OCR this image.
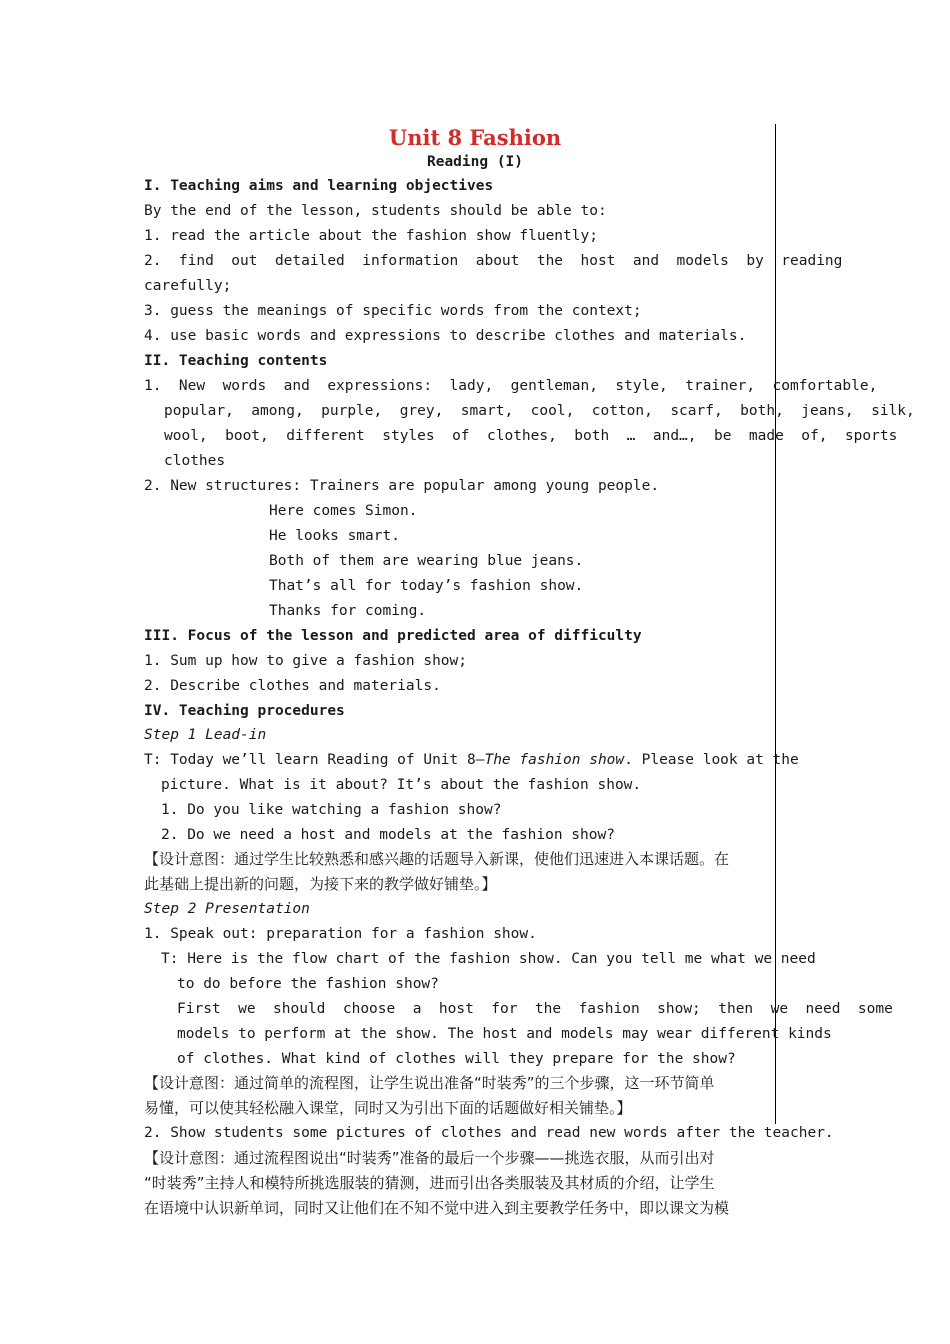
Unit 8 Fashion
Reading (I)
I. Teaching aims and learning objectives
By the end of the lesson, students should be able to:
1. read the article about the fashion show fluently;
2.  find  out  detailed  information  about  the  host  and  models  by  reading
carefully;
3. guess the meanings of specific words from the context;
4. use basic words and expressions to describe clothes and materials.
II. Teaching contents
1.  New  words  and  expressions:  lady,  gentleman,  style,  trainer,  comfortable,
popular,  among,  purple,  grey,  smart,  cool,  cotton,  scarf,  both,  jeans,  silk,
wool,  boot,  different  styles  of  clothes,  both  …  and…,  be  made  of,  sports
clothes
2. New structures: Trainers are popular among young people.
Here comes Simon.
He looks smart.
Both of them are wearing blue jeans.
That’s all for today’s fashion show.
Thanks for coming.
III. Focus of the lesson and predicted area of difficulty
1. Sum up how to give a fashion show;
2. Describe clothes and materials.
IV. Teaching procedures
Step 1 Lead-in
T: Today we’ll learn Reading of Unit 8—The fashion show. Please look at the
picture. What is it about? It’s about the fashion show.
1. Do you like watching a fashion show?
2. Do we need a host and models at the fashion show?
【设计意图：通过学生比较熟悉和感兴趣的话题导入新课，使他们迅速进入本课话题。在
此基础上提出新的问题，为接下来的教学做好铺垫。】
Step 2 Presentation
1. Speak out: preparation for a fashion show.
T: Here is the flow chart of the fashion show. Can you tell me what we need
to do before the fashion show?
First  we  should  choose  a  host  for  the  fashion  show;  then  we  need  some
models to perform at the show. The host and models may wear different kinds
of clothes. What kind of clothes will they prepare for the show?
【设计意图：通过简单的流程图，让学生说出准备“时装秀”的三个步骤，这一环节简单
易懂，可以使其轻松融入课堂，同时又为引出下面的话题做好相关铺垫。】
2. Show students some pictures of clothes and read new words after the teacher.
【设计意图：通过流程图说出“时装秀”准备的最后一个步骤——挑选衣服，从而引出对
“时装秀”主持人和模特所挑选服装的猜测，进而引出各类服装及其材质的介绍，让学生
在语境中认识新单词，同时又让他们在不知不觉中进入到主要教学任务中，即以课文为模
